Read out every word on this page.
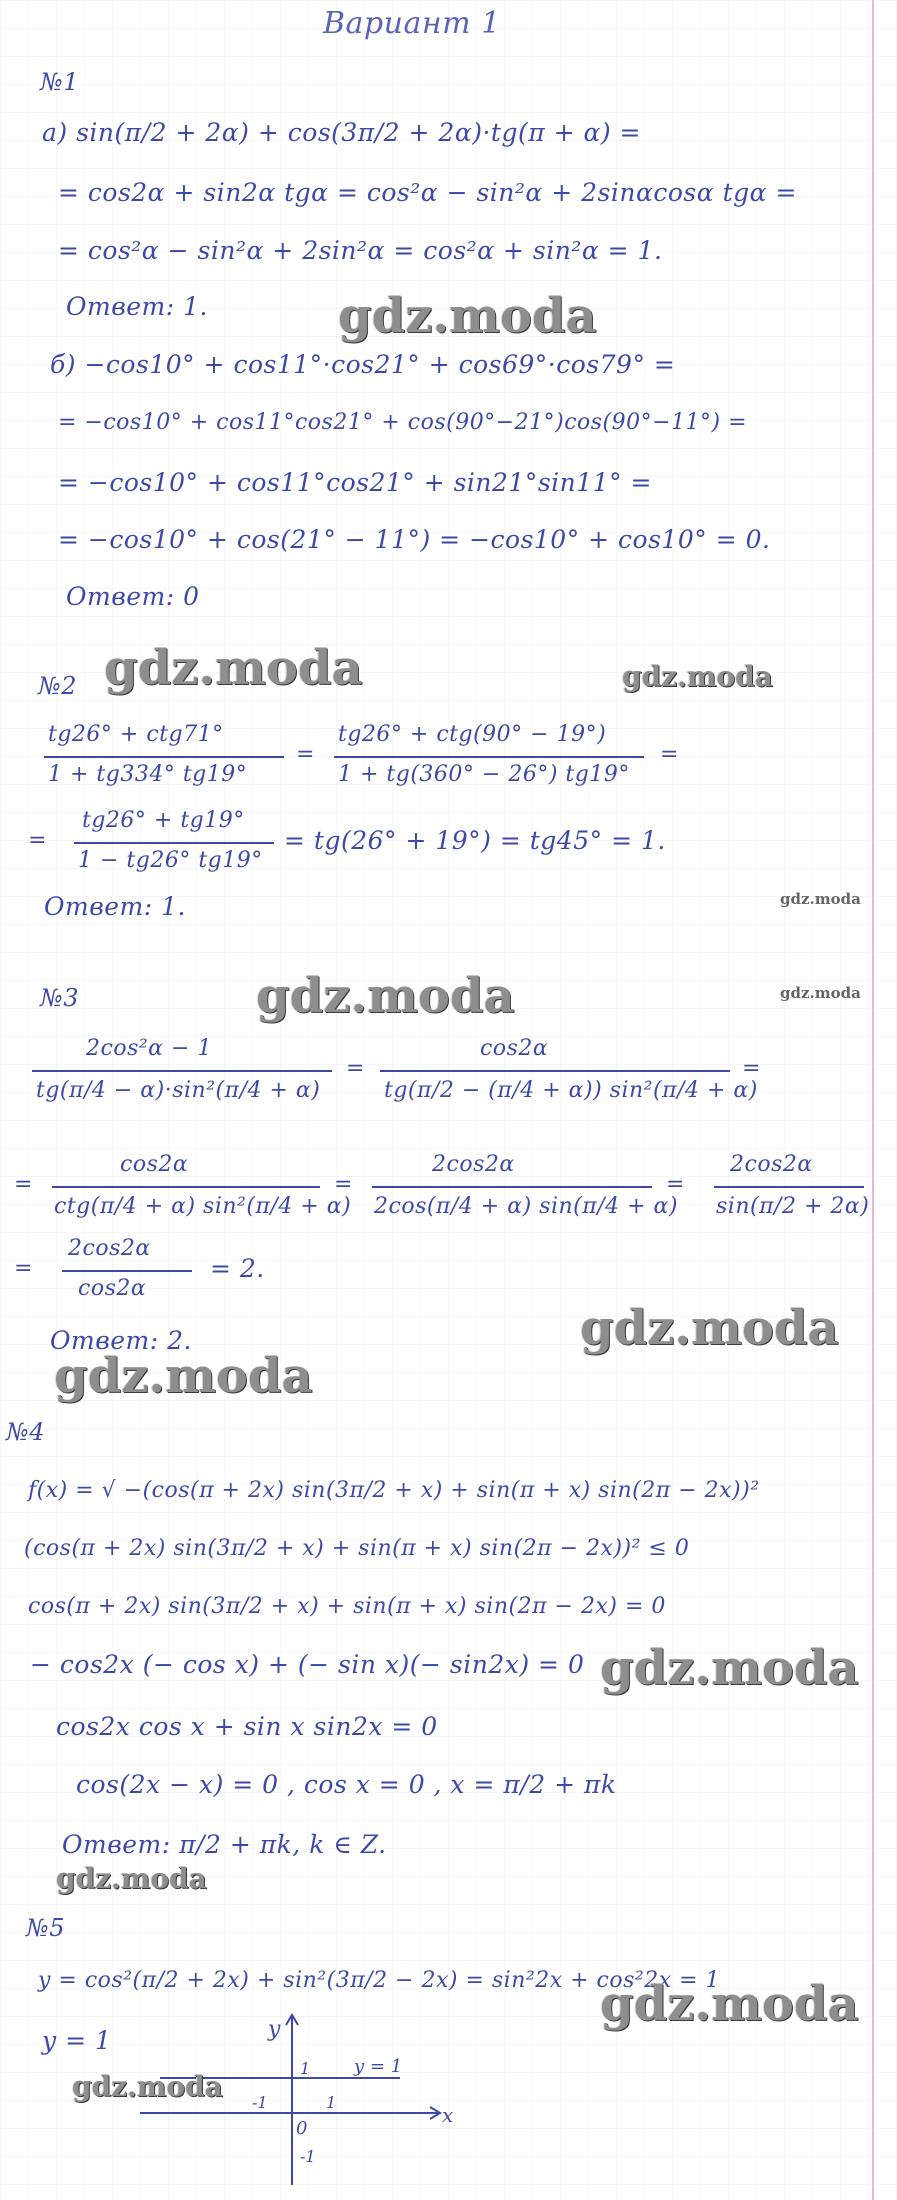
Вариант 1
№1
а) sin(π/2 + 2α) + cos(3π/2 + 2α)·tg(π + α) =
= cos2α + sin2α tgα = cos²α − sin²α + 2sinαcosα tgα =
= cos²α − sin²α + 2sin²α = cos²α + sin²α = 1.
Ответ: 1.
б) −cos10° + cos11°·cos21° + cos69°·cos79° =
= −cos10° + cos11°cos21° + cos(90°−21°)cos(90°−11°) =
= −cos10° + cos11°cos21° + sin21°sin11° =
= −cos10° + cos(21° − 11°) = −cos10° + cos10° = 0.
Ответ: 0
№2
tg26° + ctg71°
1 + tg334° tg19°
=
tg26° + ctg(90° − 19°)
1 + tg(360° − 26°) tg19°
=
=
tg26° + tg19°
1 − tg26° tg19°
= tg(26° + 19°) = tg45° = 1.
Ответ: 1.
№3
2cos²α − 1
tg(π/4 − α)·sin²(π/4 + α)
=
cos2α
tg(π/2 − (π/4 + α)) sin²(π/4 + α)
=
=
cos2α
ctg(π/4 + α) sin²(π/4 + α)
=
2cos2α
2cos(π/4 + α) sin(π/4 + α)
=
2cos2α
sin(π/2 + 2α)
=
2cos2α
cos2α
= 2.
Ответ: 2.
№4
f(x) = √ −(cos(π + 2x) sin(3π/2 + x) + sin(π + x) sin(2π − 2x))²
(cos(π + 2x) sin(3π/2 + x) + sin(π + x) sin(2π − 2x))² ≤ 0
cos(π + 2x) sin(3π/2 + x) + sin(π + x) sin(2π − 2x) = 0
− cos2x (− cos x) + (− sin x)(− sin2x) = 0
cos2x cos x + sin x sin2x = 0
cos(2x − x) = 0 , cos x = 0 , x = π/2 + πk
Ответ: π/2 + πk, k ∈ Z.
№5
y = cos²(π/2 + 2x) + sin²(3π/2 − 2x) = sin²2x + cos²2x = 1
y = 1	y
x
y = 1
1
-1
0
1
-1
gdz.moda
gdz.moda	gdz.moda
gdz.moda
gdz.moda	gdz.moda
gdz.moda
gdz.moda
gdz.moda
gdz.moda
gdz.moda
gdz.moda
